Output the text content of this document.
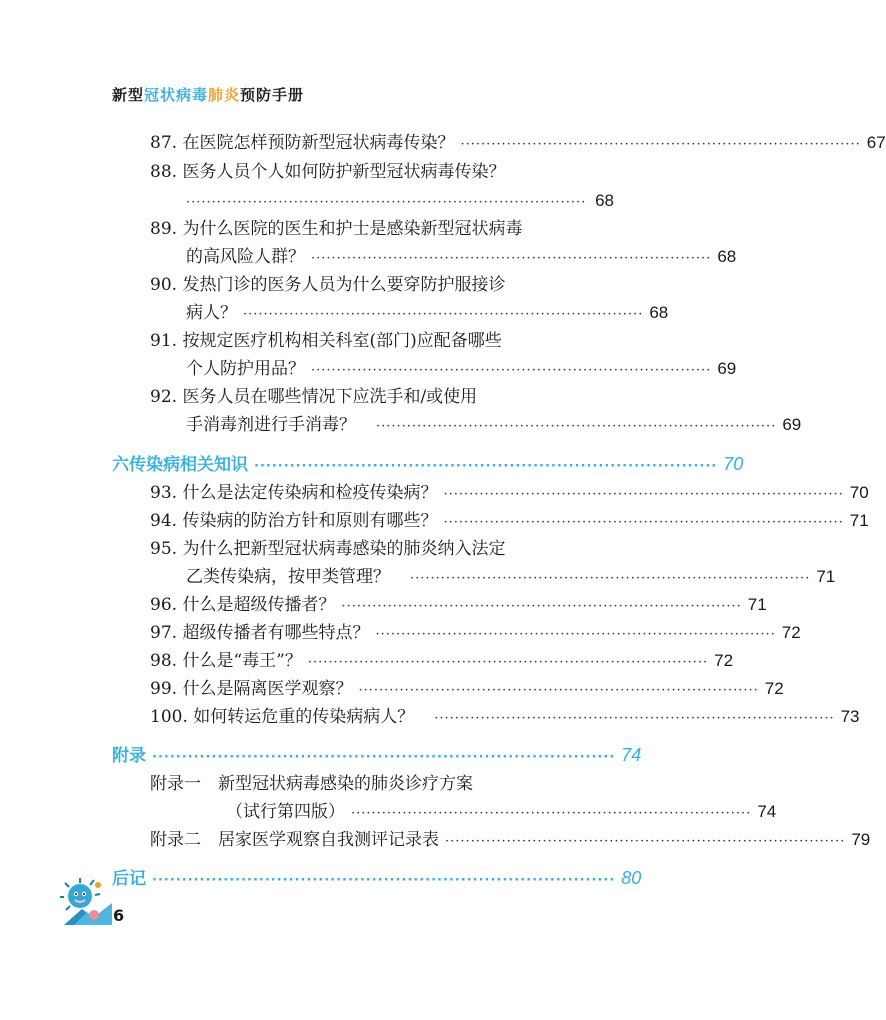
新型冠状病毒肺炎预防手册
87. 在医院怎样预防新型冠状病毒传染？ ·············································································· 67
88. 医务人员个人如何防护新型冠状病毒传染？
·············································································· 68
89. 为什么医院的医生和护士是感染新型冠状病毒
的高风险人群？ ·············································································· 68
90. 发热门诊的医务人员为什么要穿防护服接诊
病人？ ·············································································· 68
91. 按规定医疗机构相关科室(部门)应配备哪些
个人防护用品？ ·············································································· 69
92. 医务人员在哪些情况下应洗手和/或使用
手消毒剂进行手消毒？ ·············································································· 69
六 传染病相关知识 ·············································································· 70
93. 什么是法定传染病和检疫传染病？ ·············································································· 70
94. 传染病的防治方针和原则有哪些？ ·············································································· 71
95. 为什么把新型冠状病毒感染的肺炎纳入法定
乙类传染病，按甲类管理？ ·············································································· 71
96. 什么是超级传播者？ ·············································································· 71
97. 超级传播者有哪些特点？ ·············································································· 72
98. 什么是“毒王”？ ·············································································· 72
99. 什么是隔离医学观察？ ·············································································· 72
100. 如何转运危重的传染病病人？ ·············································································· 73
附录 ·············································································· 74
附录一　新型冠状病毒感染的肺炎诊疗方案
（试行第四版） ·············································································· 74
附录二　居家医学观察自我测评记录表 ·············································································· 79
后记 ·············································································· 80
6
